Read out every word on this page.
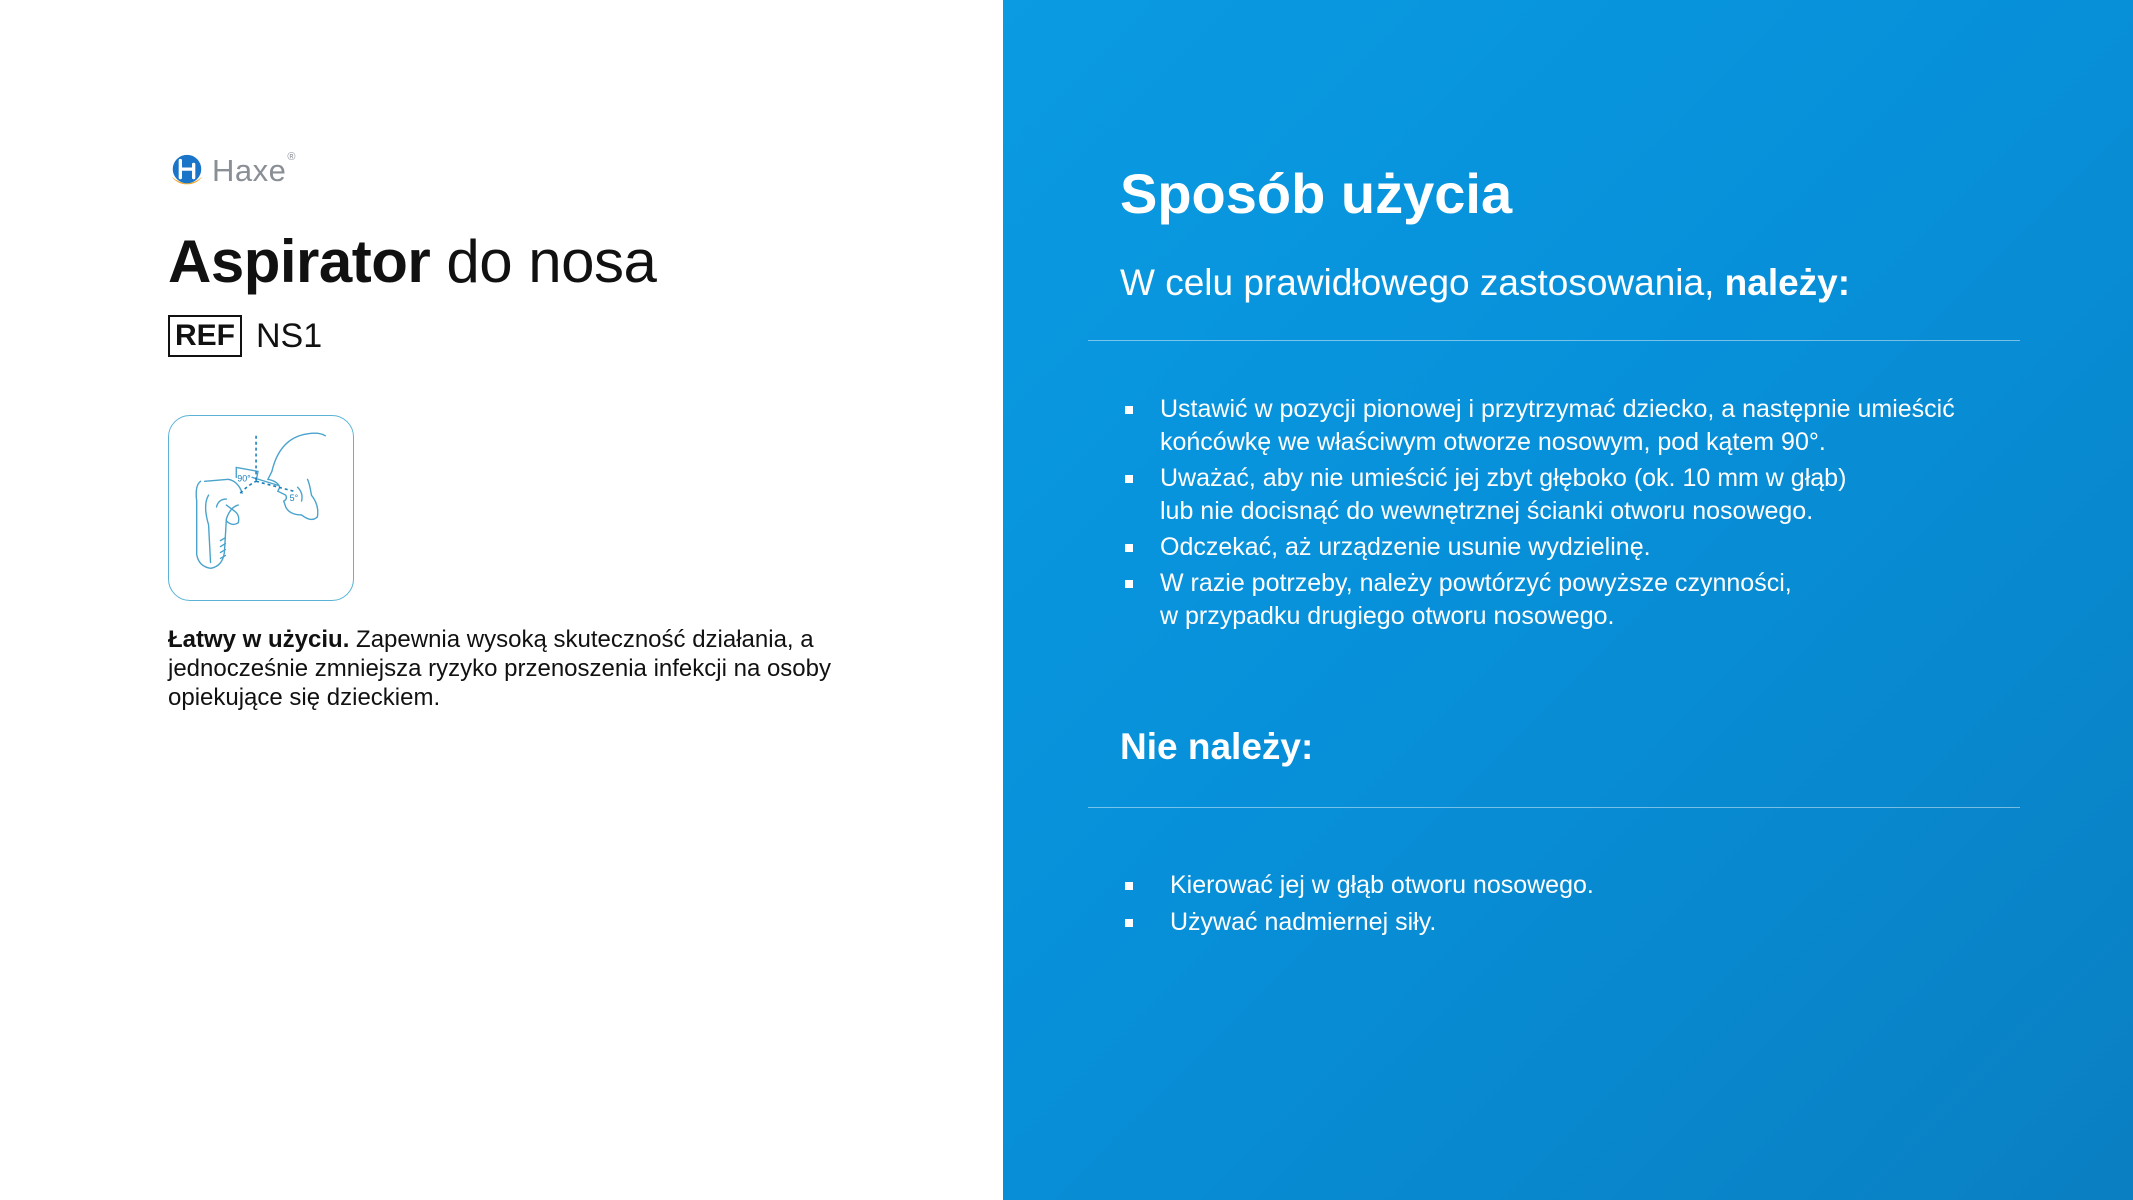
Haxe ®
Aspirator do nosa
REF NS1
90°
5°

Łatwy w użyciu. Zapewnia wysoką skuteczność działania, a jednocześnie zmniejsza ryzyko przenoszenia infekcji na osoby opiekujące się dzieckiem.

Sposób użycia

W celu prawidłowego zastosowania, należy:

Ustawić w pozycji pionowej i przytrzymać dziecko, a następnie umieścić
końcówkę we właściwym otworze nosowym, pod kątem 90°.
Uważać, aby nie umieścić jej zbyt głęboko (ok. 10 mm w głąb)
lub nie docisnąć do wewnętrznej ścianki otworu nosowego.
Odczekać, aż urządzenie usunie wydzielinę.
W razie potrzeby, należy powtórzyć powyższe czynności,
w przypadku drugiego otworu nosowego.
Nie należy:
Kierować jej w głąb otworu nosowego.
Używać nadmiernej siły.
